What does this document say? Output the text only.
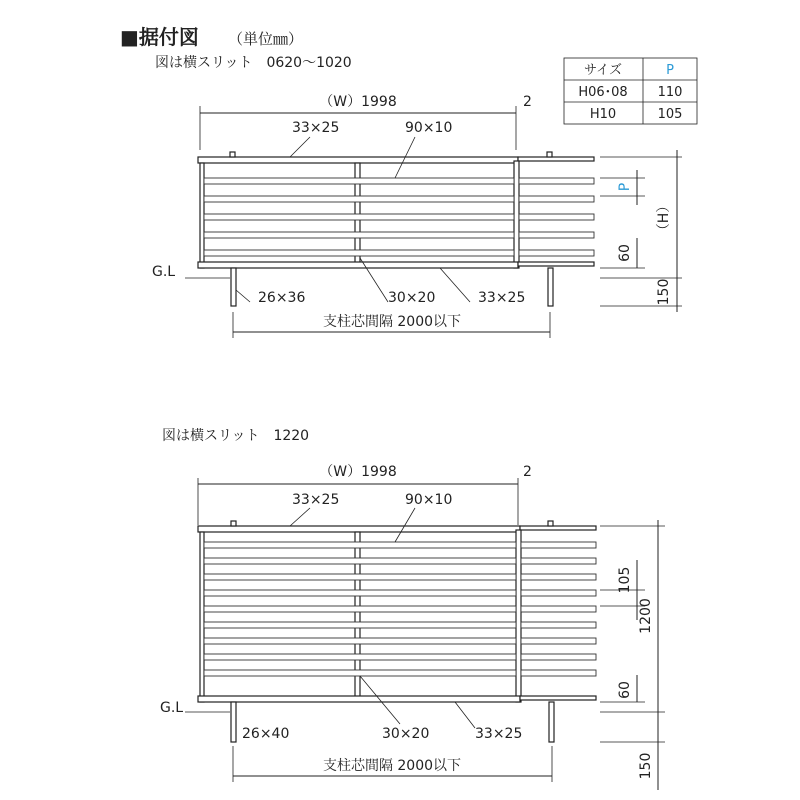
■据付図 （単位㎜）
サイズ	P
H06･08 110
H10	105
図は横スリット　0620～1020
（W）1998	2
G.L
33×25	90×10
26×36	30×20	33×25
支柱芯間隔 2000以下
P
60
（H）
150
図は横スリット　1220
（W）1998	2
G.L
33×25	90×10
26×40	30×20	33×25
支柱芯間隔 2000以下
105
60
1200
150
